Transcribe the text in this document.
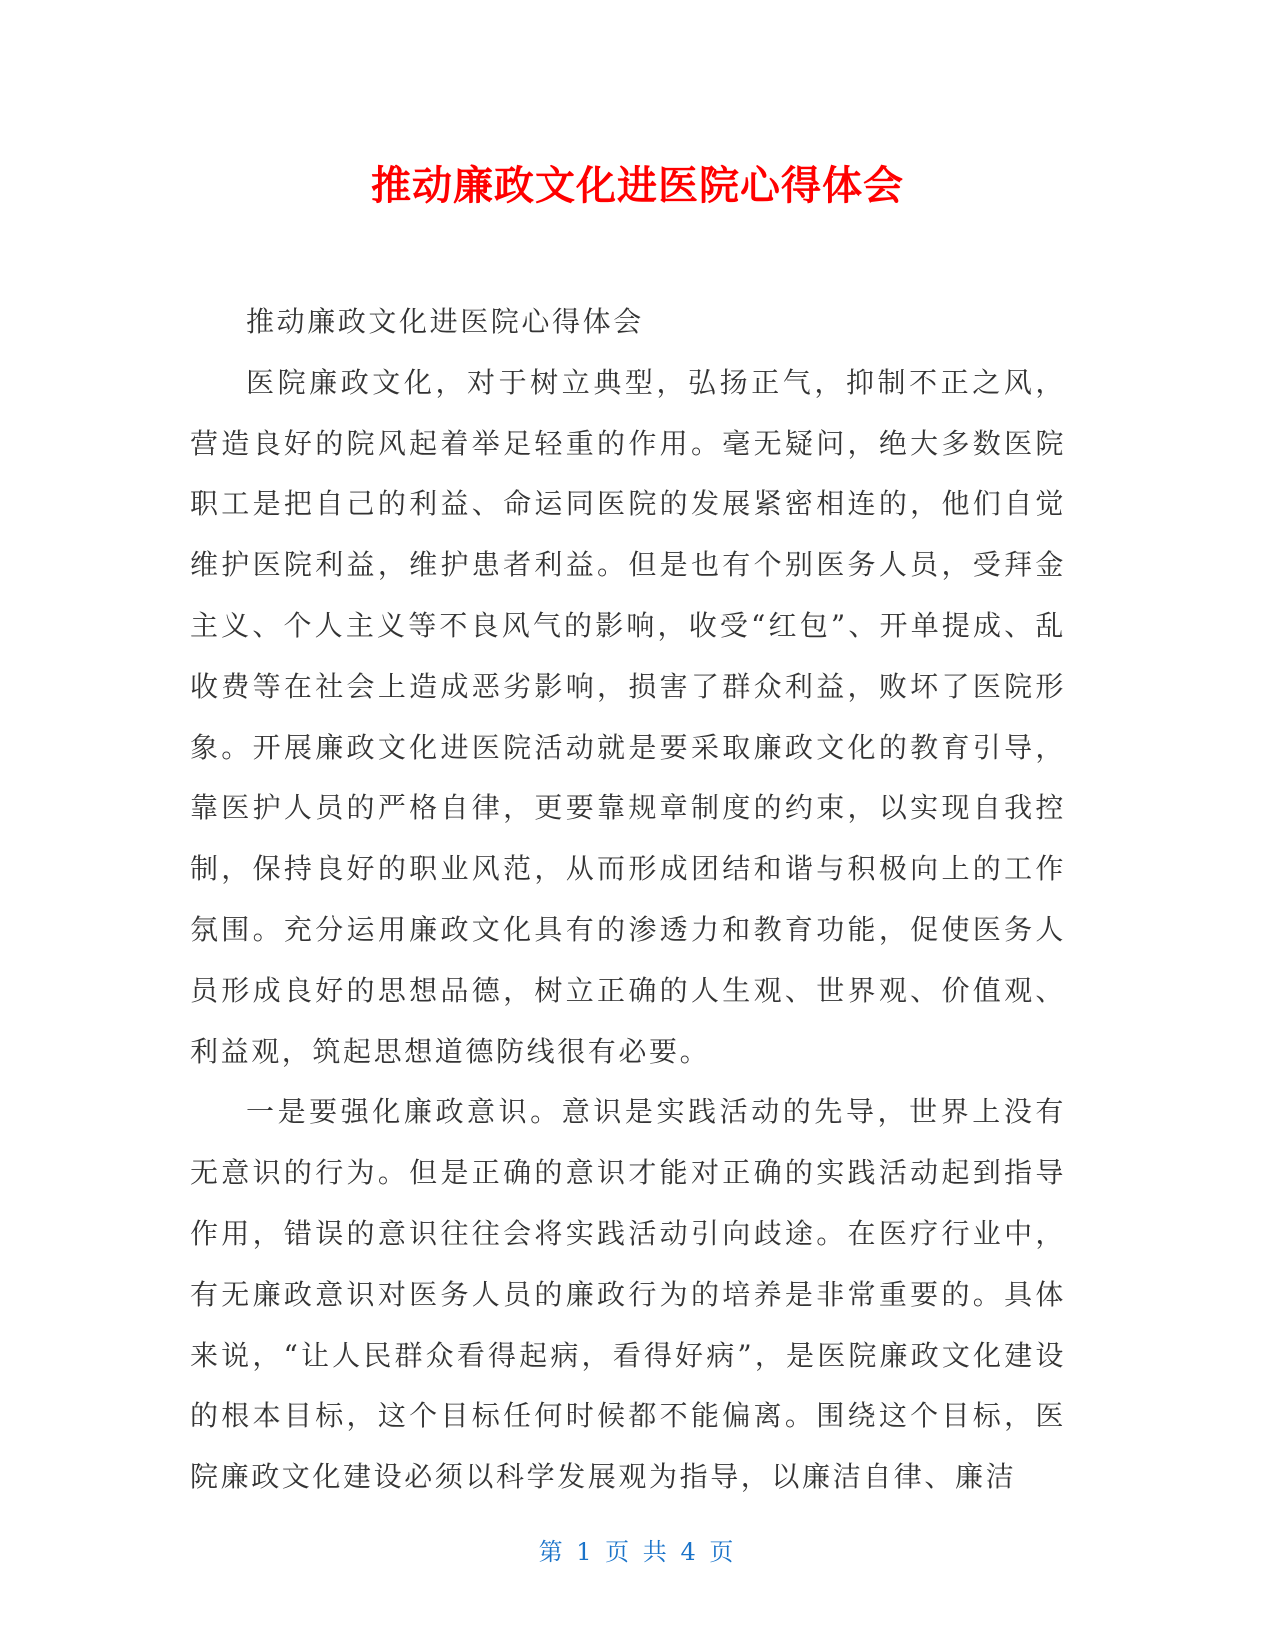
推动廉政文化进医院心得体会

推动廉政文化进医院心得体会

医院廉政文化，对于树立典型，弘扬正气，抑制不正之风，营造良好的院风起着举足轻重的作用。毫无疑问，绝大多数医院职工是把自己的利益、命运同医院的发展紧密相连的，他们自觉维护医院利益，维护患者利益。但是也有个别医务人员，受拜金主义、个人主义等不良风气的影响，收受“红包”、开单提成、乱收费等在社会上造成恶劣影响，损害了群众利益，败坏了医院形象。开展廉政文化进医院活动就是要采取廉政文化的教育引导，靠医护人员的严格自律，更要靠规章制度的约束，以实现自我控制，保持良好的职业风范，从而形成团结和谐与积极向上的工作氛围。充分运用廉政文化具有的渗透力和教育功能，促使医务人员形成良好的思想品德，树立正确的人生观、世界观、价值观、利益观，筑起思想道德防线很有必要。

一是要强化廉政意识。意识是实践活动的先导，世界上没有无意识的行为。但是正确的意识才能对正确的实践活动起到指导作用，错误的意识往往会将实践活动引向歧途。在医疗行业中，有无廉政意识对医务人员的廉政行为的培养是非常重要的。具体来说，“让人民群众看得起病，看得好病”，是医院廉政文化建设的根本目标，这个目标任何时候都不能偏离。围绕这个目标，医院廉政文化建设必须以科学发展观为指导，以廉洁自律、廉洁

第 1 页 共 4 页
